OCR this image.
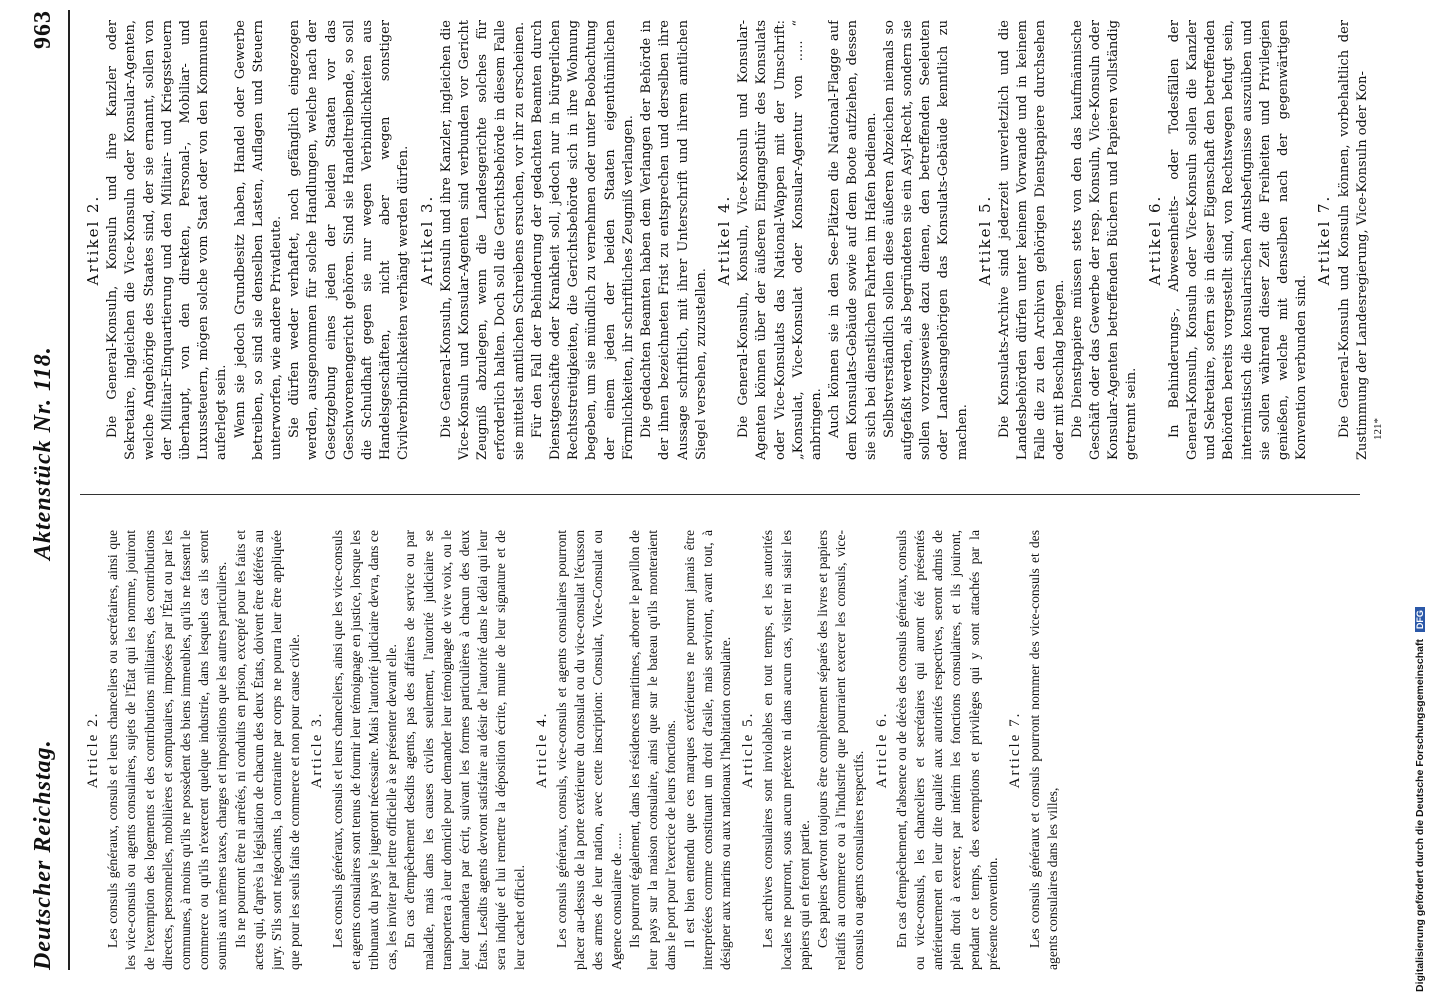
Deutscher Reichstag.
Aktenstück Nr. 118.
963
Article 2. Les consuls généraux, consuls et leurs chanceliers ou secrétaires, ainsi que les vice-consuls ou agents consulaires, sujets de l'État qui les nomme, jouiront de l'exemption des logements et des contributions militaires, des contributions directes, personnelles, mobilières et somptuaires, imposées par l'État ou par les communes, à moins qu'ils ne possèdent des biens immeubles, qu'ils ne fassent le commerce ou qu'ils n'exercent quelque industrie, dans lesquels cas ils seront soumis aux mêmes taxes, charges et impositions que les autres particuliers. Ils ne pourront être ni arrêtés, ni conduits en prison, excepté pour les faits et actes qui, d'après la législation de chacun des deux États, doivent être déférés au jury. S'ils sont négociants, la contrainte par corps ne pourra leur être appliquée que pour les seuls faits de commerce et non pour cause civile. Article 3. Les consuls généraux, consuls et leurs chanceliers, ainsi que les vice-consuls et agents consulaires sont tenus de fournir leur témoignage en justice, lorsque les tribunaux du pays le jugeront nécessaire. Mais l'autorité judiciaire devra, dans ce cas, les inviter par lettre officielle à se présenter devant elle. En cas d'empêchement desdits agents, pas des affaires de service ou par maladie, mais dans les causes civiles seulement, l'autorité judiciaire se transportera à leur domicile pour demander leur témoignage de vive voix, ou le leur demandera par écrit, suivant les formes particulières à chacun des deux États. Lesdits agents devront satisfaire au désir de l'autorité dans le délai qui leur sera indiqué et lui remettre la déposition écrite, munie de leur signature et de leur cachet officiel.

Article 4. Les consuls généraux, consuls, vice-consuls et agents consulaires pourront placer au-dessus de la porte extérieure du consulat ou du vice-consulat l'écusson des armes de leur nation, avec cette inscription: Consulat, Vice-Consulat ou Agence consulaire de ..... Ils pourront également, dans les résidences maritimes, arborer le pavillon de leur pays sur la maison consulaire, ainsi que sur le bateau qu'ils monteraient dans le port pour l'exercice de leurs fonctions. Il est bien entendu que ces marques extérieures ne pourront jamais être interprétées comme constituant un droit d'asile, mais serviront, avant tout, à désigner aux marins ou aux nationaux l'habitation consulaire. Article 5. Les archives consulaires sont inviolables en tout temps, et les autorités locales ne pourront, sous aucun prétexte ni dans aucun cas, visiter ni saisir les papiers qui en feront partie. Ces papiers devront toujours être complètement séparés des livres et papiers relatifs au commerce ou à l'industrie que pourraient exercer les consuls, vice-consuls ou agents consulaires respectifs.

Article 6. En cas d'empêchement, d'absence ou de décès des consuls généraux, consuls ou vice-consuls, les chanceliers et secrétaires qui auront été présentés antérieurement en leur dite qualité aux autorités respectives, seront admis de plein droit à exercer, par intérim les fonctions consulaires, et ils jouiront, pendant ce temps, des exemptions et privilèges qui y sont attachés par la présente convention.

Article 7. Les consuls généraux et consuls pourront nommer des vice-consuls et des agents consulaires dans les villes,

Artikel 2. Die General-Konsuln, Konsuln und ihre Kanzler oder Sekretaire, ingleichen die Vice-Konsuln oder Konsular-Agenten, welche Angehörige des Staates sind, der sie ernannt, sollen von der Militair-Einquartierung und den Militair- und Kriegssteuern überhaupt, von den direkten, Personal-, Mobiliar- und Luxussteuern, mögen solche vom Staat oder von den Kommunen auferlegt sein. Wenn sie jedoch Grundbesitz haben, Handel oder Gewerbe betreiben, so sind sie denselben Lasten, Auflagen und Steuern unterworfen, wie andere Privatleute. Sie dürfen weder verhaftet, noch gefänglich eingezogen werden, ausgenommen für solche Handlungen, welche nach der Gesetzgebung eines jeden der beiden Staaten vor das Geschworenengericht gehören. Sind sie Handeltreibende, so soll die Schuldhaft gegen sie nur wegen Verbindlichkeiten aus Handelsgeschäften, nicht aber wegen sonstiger Civilverbindlichkeiten verhängt werden dürfen. Artikel 3. Die General-Konsuln, Konsuln und ihre Kanzler, ingleichen die Vice-Konsuln und Konsular-Agenten sind verbunden vor Gericht Zeugniß abzulegen, wenn die Landesgerichte solches für erforderlich halten. Doch soll die Gerichtsbehörde in diesem Falle sie mittelst amtlichen Schreibens ersuchen, vor ihr zu erscheinen. Für den Fall der Behinderung der gedachten Beamten durch Dienstgeschäfte oder Krankheit soll, jedoch nur in bürgerlichen Rechtsstreitigkeiten, die Gerichtsbehörde sich in ihre Wohnung begeben, um sie mündlich zu vernehmen oder unter Beobachtung der einem jeden der beiden Staaten eigenthümlichen Förmlichkeiten, ihr schriftliches Zeugniß verlangen. Die gedachten Beamten haben dem Verlangen der Behörde in der ihnen bezeichneten Frist zu entsprechen und derselben ihre Aussage schriftlich, mit ihrer Unterschrift und ihrem amtlichen Siegel versehen, zuzustellen.

Artikel 4. Die General-Konsuln, Konsuln, Vice-Konsuln und Konsular-Agenten können über der äußeren Eingangsthür des Konsulats oder Vice-Konsulats das National-Wappen mit der Umschrift: „Konsulat, Vice-Konsulat oder Konsular-Agentur von ..... “ anbringen. Auch können sie in den See-Plätzen die National-Flagge auf dem Konsulats-Gebäude sowie auf dem Boote aufziehen, dessen sie sich bei dienstlichen Fahrten im Hafen bedienen. Selbstverständlich sollen diese äußeren Abzeichen niemals so aufgefaßt werden, als begründeten sie ein Asyl-Recht, sondern sie sollen vorzugsweise dazu dienen, den betreffenden Seeleuten oder Landesangehörigen das Konsulats-Gebäude kenntlich zu machen.

Artikel 5. Die Konsulats-Archive sind jederzeit unverletzlich und die Landesbehörden dürfen unter keinem Vorwande und in keinem Falle die zu den Archiven gehörigen Dienstpapiere durchsehen oder mit Beschlag belegen. Die Dienstpapiere müssen stets von den das kaufmännische Geschäft oder das Gewerbe der resp. Konsuln, Vice-Konsuln oder Konsular-Agenten betreffenden Büchern und Papieren vollständig getrennt sein.

Artikel 6. In Behinderungs-, Abwesenheits- oder Todesfällen der General-Konsuln, Konsuln oder Vice-Konsuln sollen die Kanzler und Sekretaire, sofern sie in dieser Eigenschaft den betreffenden Behörden bereits vorgestellt sind, von Rechtswegen befugt sein, interimistisch die konsularischen Amtsbefugnisse auszuüben und sie sollen während dieser Zeit die Freiheiten und Privilegien genießen, welche mit denselben nach der gegenwärtigen Konvention verbunden sind.

Artikel 7. Die General-Konsuln und Konsuln können, vorbehaltlich der Zustimmung der Landesregierung, Vice-Konsuln oder Kon- 121*
Digitalisierung gefördert durch die Deutsche Forschungsgemeinschaft DFG
